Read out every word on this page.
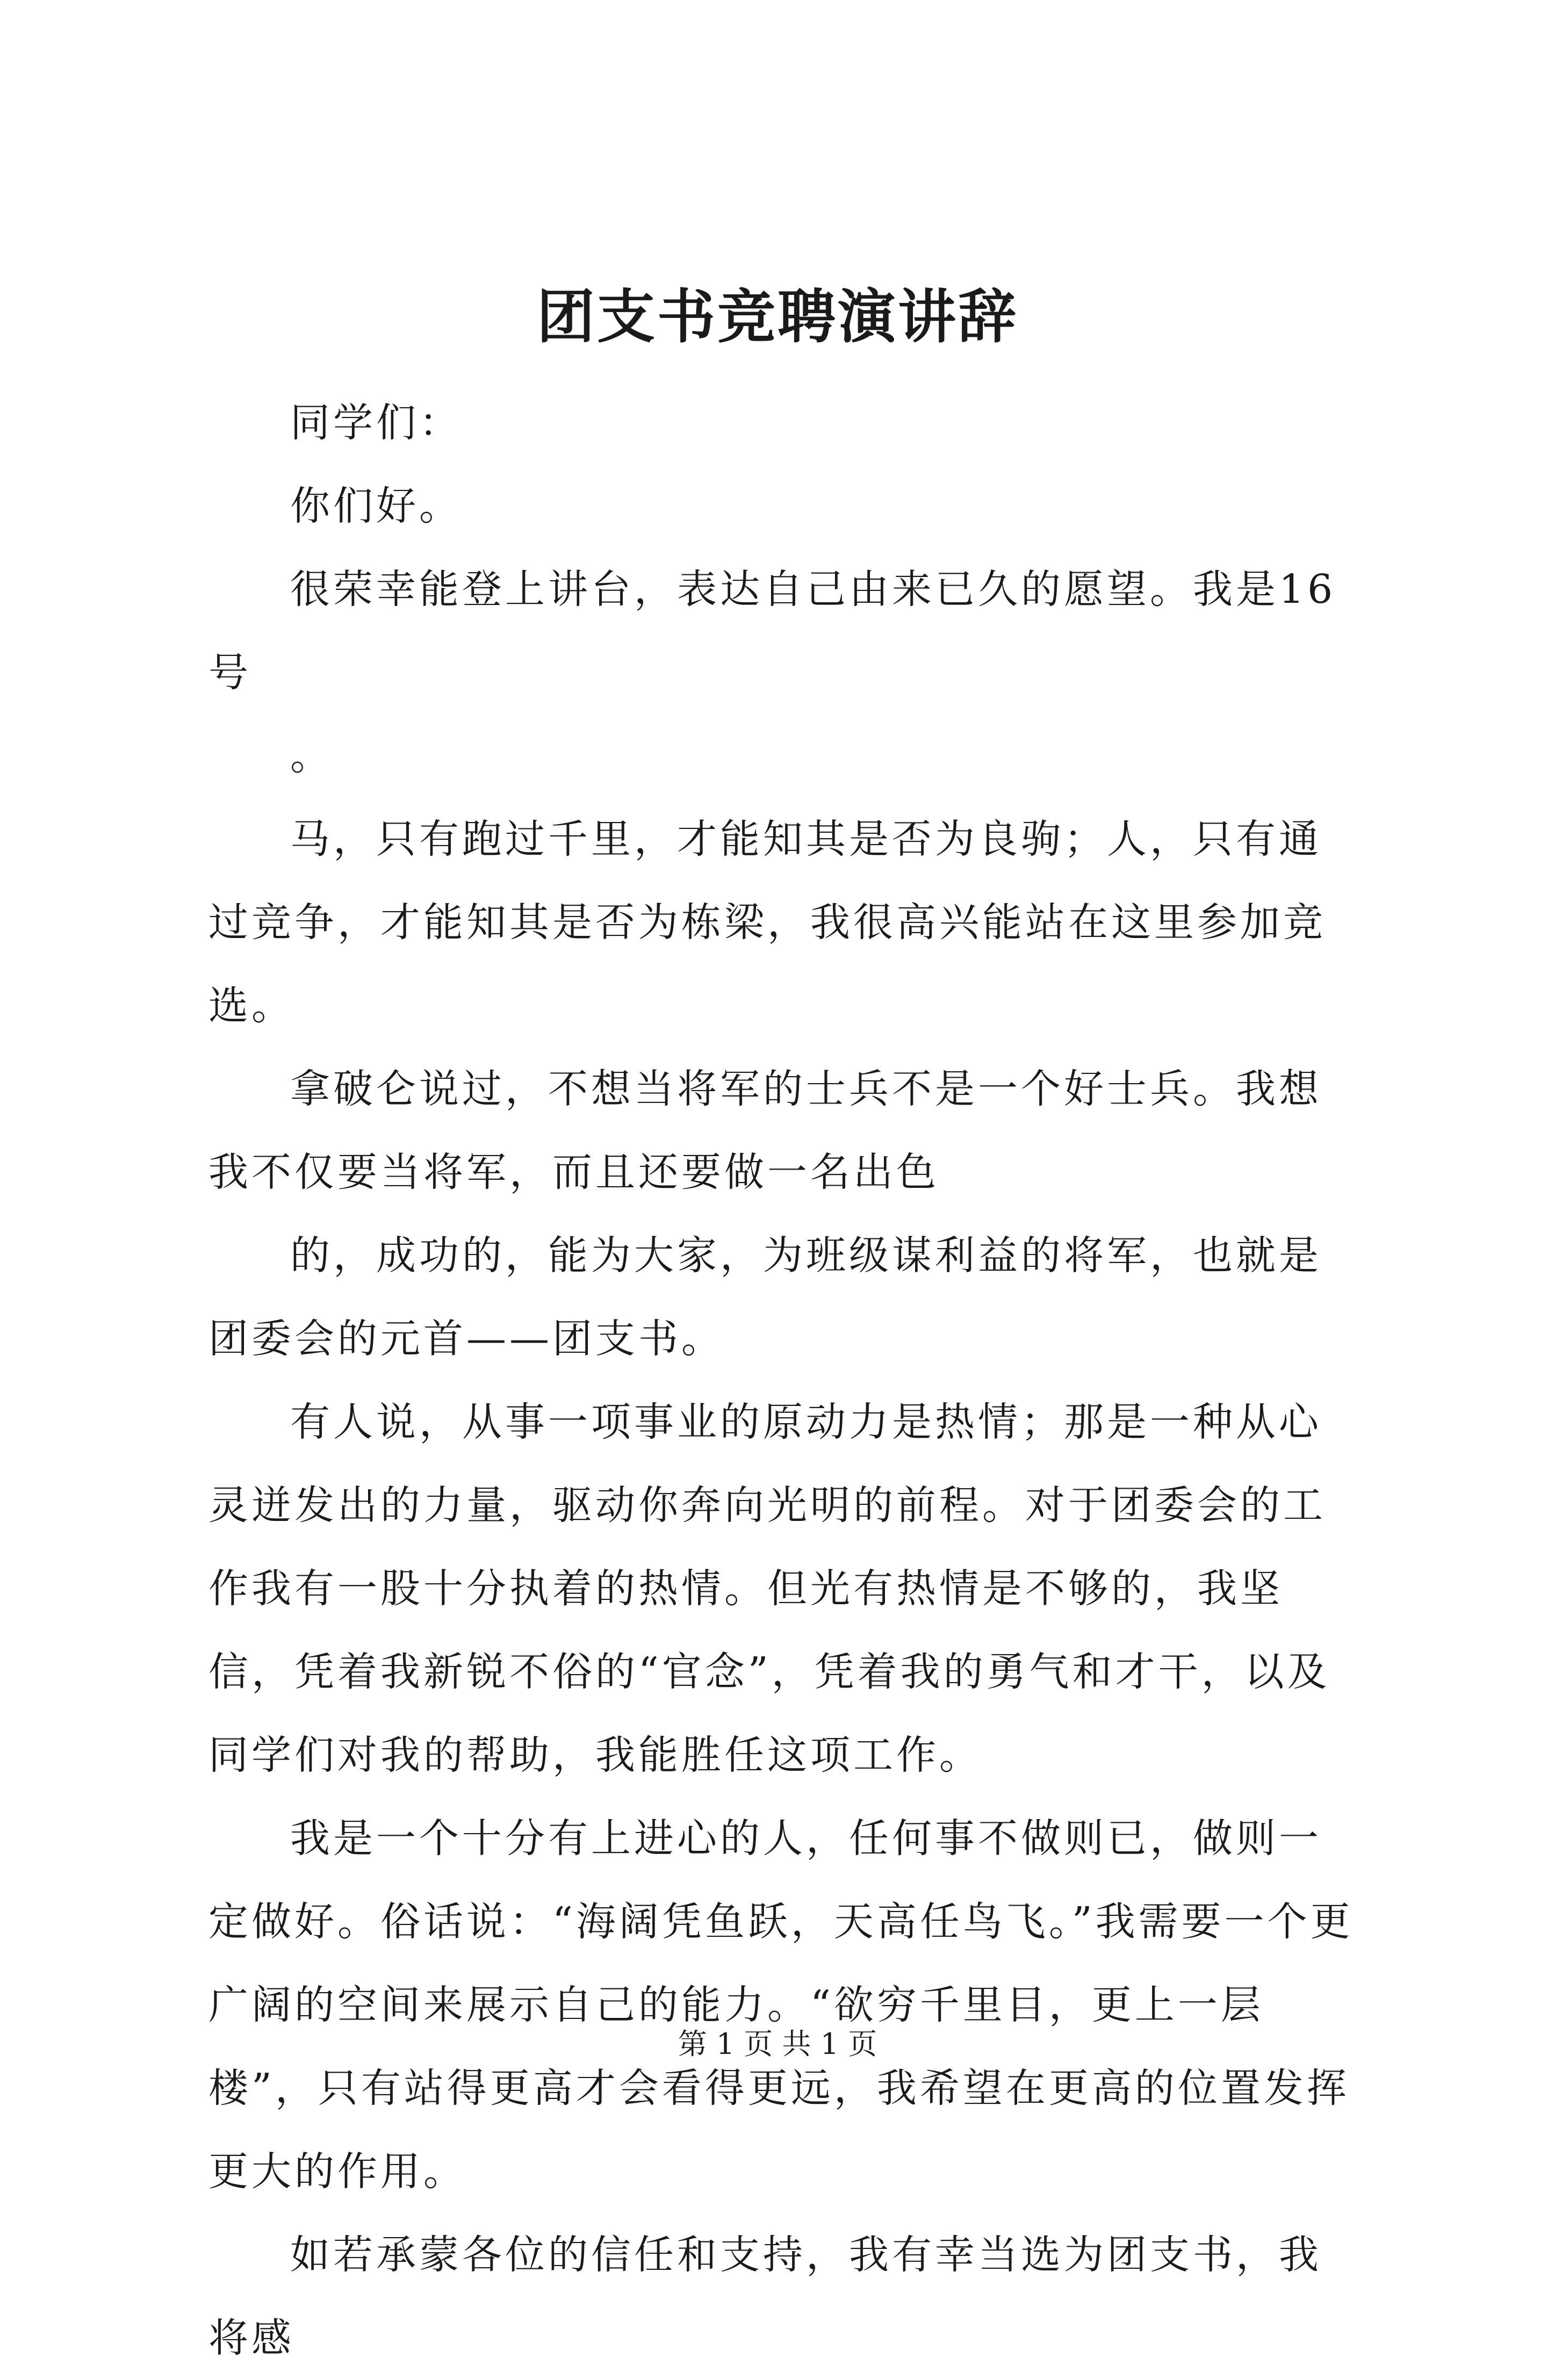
团支书竞聘演讲辞

同学们：

你们好。

很荣幸能登上讲台，表达自己由来已久的愿望。我是16号

。

马，只有跑过千里，才能知其是否为良驹；人，只有通过竞争，才能知其是否为栋梁，我很高兴能站在这里参加竞选。

拿破仑说过，不想当将军的士兵不是一个好士兵。我想我不仅要当将军，而且还要做一名出色

的，成功的，能为大家，为班级谋利益的将军，也就是团委会的元首——团支书。

有人说，从事一项事业的原动力是热情；那是一种从心灵迸发出的力量，驱动你奔向光明的前程。对于团委会的工作我有一股十分执着的热情。但光有热情是不够的，我坚信，凭着我新锐不俗的“官念”，凭着我的勇气和才干，以及同学们对我的帮助，我能胜任这项工作。

我是一个十分有上进心的人，任何事不做则已，做则一定做好。俗话说：“海阔凭鱼跃，天高任鸟飞。”我需要一个更广阔的空间来展示自己的能力。“欲穷千里目，更上一层楼”，只有站得更高才会看得更远，我希望在更高的位置发挥更大的作用。

如若承蒙各位的信任和支持，我有幸当选为团支书，我将感

第 1 页 共 1 页
